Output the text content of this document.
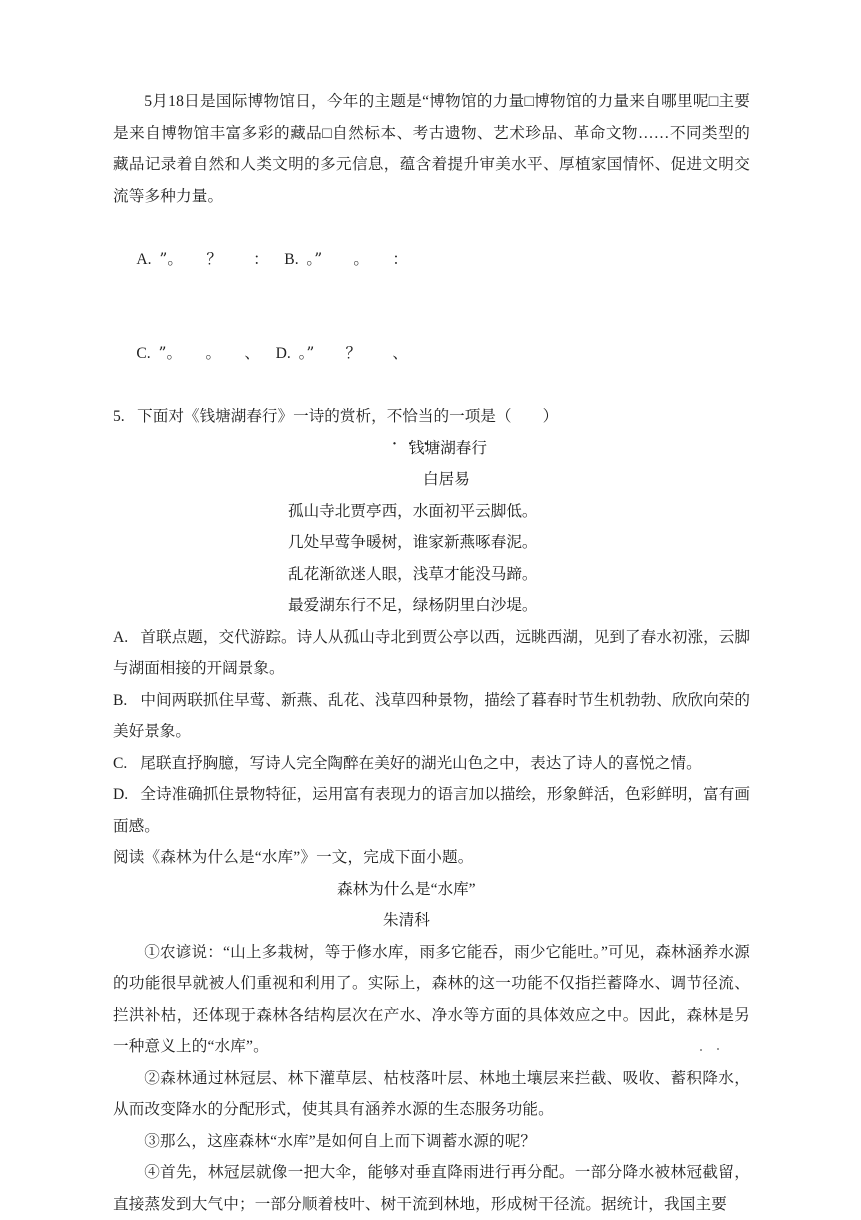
5月18日是国际博物馆日，今年的主题是“博物馆的力量□博物馆的力量来自哪里呢□主要是来自博物馆丰富多彩的藏品□自然标本、考古遗物、艺术珍品、革命文物……不同类型的藏品记录着自然和人类文明的多元信息，蕴含着提升审美水平、厚植家国情怀、促进文明交流等多种力量。

A. ”。　　？　　： B. 。”　　。　　：

C. ”。　　。　　、 D. 。”　　？　　、

5. 下面对《钱塘湖春行》一诗的赏析，不恰当的一项是（　　）

钱塘湖春行

白居易

孤山寺北贾亭西，水面初平云脚低。

几处早莺争暖树，谁家新燕啄春泥。

乱花渐欲迷人眼，浅草才能没马蹄。

最爱湖东行不足，绿杨阴里白沙堤。

A. 首联点题，交代游踪。诗人从孤山寺北到贾公亭以西，远眺西湖，见到了春水初涨，云脚与湖面相接的开阔景象。

B. 中间两联抓住早莺、新燕、乱花、浅草四种景物，描绘了暮春时节生机勃勃、欣欣向荣的美好景象。

C. 尾联直抒胸臆，写诗人完全陶醉在美好的湖光山色之中，表达了诗人的喜悦之情。

D. 全诗准确抓住景物特征，运用富有表现力的语言加以描绘，形象鲜活，色彩鲜明，富有画面感。

阅读《森林为什么是“水库”》一文，完成下面小题。

森林为什么是“水库”

朱清科

①农谚说：“山上多栽树，等于修水库，雨多它能吞，雨少它能吐。”可见，森林涵养水源的功能很早就被人们重视和利用了。实际上，森林的这一功能不仅指拦蓄降水、调节径流、拦洪补枯，还体现于森林各结构层次在产水、净水等方面的具体效应之中。因此，森林是另一种意义上的“水库”。

②森林通过林冠层、林下灌草层、枯枝落叶层、林地土壤层来拦截、吸收、蓄积降水，从而改变降水的分配形式，使其具有涵养水源的生态服务功能。

③那么，这座森林“水库”是如何自上而下调蓄水源的呢？

④首先，林冠层就像一把大伞，能够对垂直降雨进行再分配。一部分降水被林冠截留，直接蒸发到大气中；一部分顺着枝叶、树干流到林地，形成树干径流。据统计，我国主要
